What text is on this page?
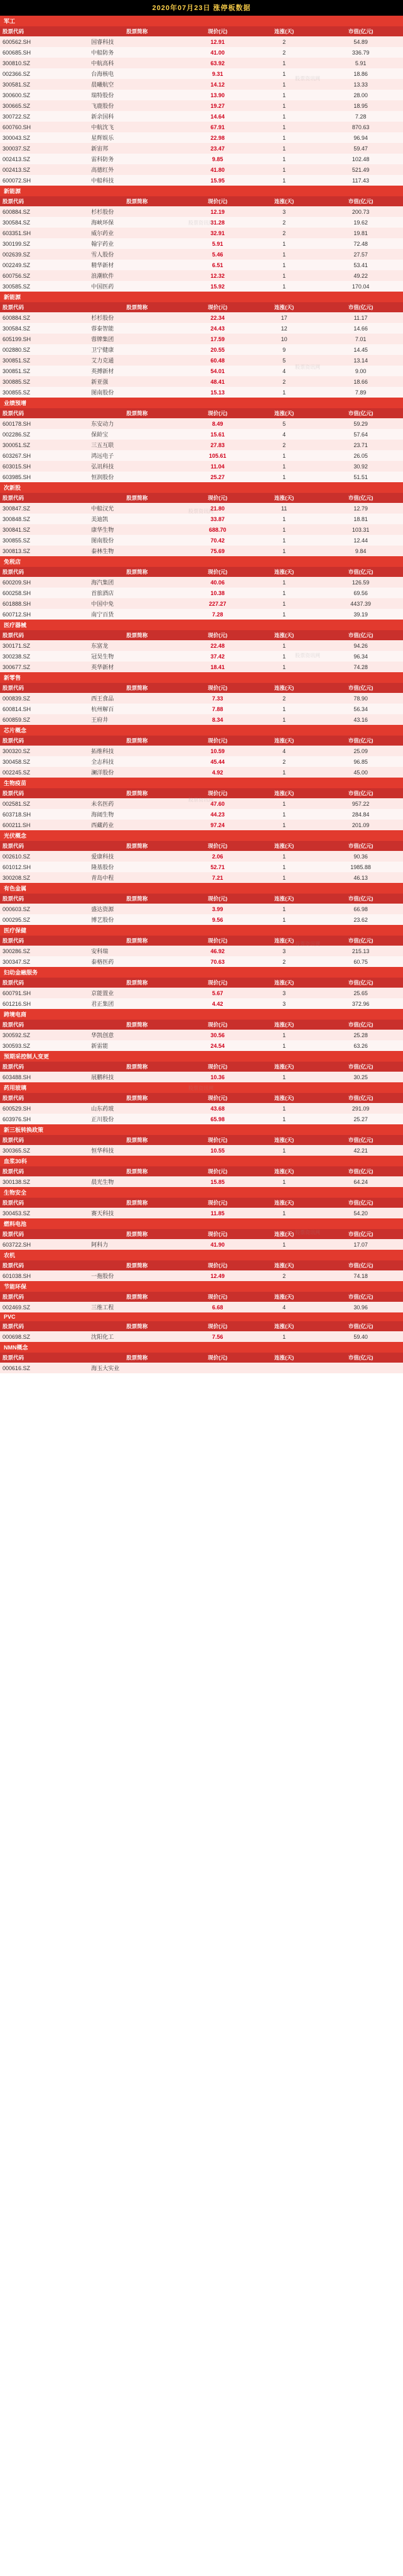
2020年07月23日 涨停板数据
军工
股票代码	股票简称	现价(元)	连涨(天)	市值(亿元)
600562.SH	国睿科技	12.91	2	54.89
600685.SH	中船防务	41.00	2	336.79
300810.SZ	中航高科	63.92	1	5.91
002366.SZ	台海核电	9.31	1	18.86
300581.SZ	晨曦航空	14.12	1	13.33
300600.SZ	瑞特股份	13.90	1	28.00
300665.SZ	飞鹿股份	19.27	1	18.95
300722.SZ	新余国科	14.64	1	7.28
600760.SH	中航沈飞	67.91	1	870.63
300043.SZ	星辉娱乐	22.98	1	96.94
300037.SZ	新宙邦	23.47	1	59.47
002413.SZ	雷科防务	9.85	1	102.48
002413.SZ	高德红外	41.80	1	521.49
600072.SH	中船科技	15.95	1	117.43
新能源
股票代码	股票简称	现价(元)	连涨(天)	市值(亿元)
600884.SZ	杉杉股份	12.19	3	200.73
300584.SZ	海峡环保	31.28	2	19.62
603351.SH	威尔药业	32.91	2	19.81
300199.SZ	翰宇药业	5.91	1	72.48
002639.SZ	雪人股份	5.46	1	27.57
002249.SZ	精华新材	6.51	1	53.41
600756.SZ	浪潮软件	12.32	1	49.22
300585.SZ	中国医药	15.92	1	170.04
新能源
股票代码	股票简称	现价(元)	连涨(天)	市值(亿元)
600884.SZ	杉杉股份	22.34	17	11.17
300584.SZ	蓉泰智能	24.43	12	14.66
605199.SH	蓉牌集团	17.59	10	7.01
002880.SZ	卫宁健康	20.55	9	14.45
300851.SZ	艾力克通	60.48	5	13.14
300851.SZ	英搏新材	54.01	4	9.00
300885.SZ	新亚强	48.41	2	18.66
300855.SZ	图南股份	15.13	1	7.89
业绩预增
股票代码	股票简称	现价(元)	连涨(天)	市值(亿元)
600178.SH	东安动力	8.49	5	59.29
002286.SZ	保龄宝	15.61	4	57.64
300051.SZ	三五互联	27.83	2	23.71
603267.SH	鸿远电子	105.61	1	26.05
603015.SH	弘讯科技	11.04	1	30.92
603985.SH	恒润股份	25.27	1	51.51
次新股
股票代码	股票简称	现价(元)	连涨(天)	市值(亿元)
300847.SZ	中船汉光	21.80	11	12.79
300848.SZ	美迪凯	33.87	1	18.81
300841.SZ	康华生物	688.70	1	103.31
300855.SZ	图南股份	70.42	1	12.44
300813.SZ	泰林生物	75.69	1	9.84
免税店
股票代码	股票简称	现价(元)	连涨(天)	市值(亿元)
600209.SH	海汽集团	40.06	1	126.59
600258.SH	首旅酒店	10.38	1	69.56
601888.SH	中国中免	227.27	1	4437.39
600712.SH	南宁百货	7.28	1	39.19
医疗器械
股票代码	股票简称	现价(元)	连涨(天)	市值(亿元)
300171.SZ	东富龙	22.48	1	94.26
300238.SZ	冠昊生物	37.42	1	96.34
300677.SZ	英华新材	18.41	1	74.28
新零售
股票代码	股票简称	现价(元)	连涨(天)	市值(亿元)
000839.SZ	西王食品	7.33	2	78.90
600814.SH	杭州解百	7.88	1	56.34
600859.SZ	王府井	8.34	1	43.16
芯片概念
股票代码	股票简称	现价(元)	连涨(天)	市值(亿元)
300320.SZ	拓维科技	10.59	4	25.09
300458.SZ	全志科技	45.44	2	96.85
002245.SZ	澜洋股份	4.92	1	45.00
生物疫苗
股票代码	股票简称	现价(元)	连涨(天)	市值(亿元)
002581.SZ	未名医药	47.60	1	957.22
603718.SH	海阔生物	44.23	1	284.84
600211.SH	西藏药业	97.24	1	201.09
光伏概念
股票代码	股票简称	现价(元)	连涨(天)	市值(亿元)
002610.SZ	爱康科技	2.06	1	90.36
601012.SH	隆基股份	52.71	1	1985.88
300208.SZ	青岛中程	7.21	1	46.13
有色金属
股票代码	股票简称	现价(元)	连涨(天)	市值(亿元)
000603.SZ	盛达资源	3.99	1	66.98
000295.SZ	博艺股份	9.56	1	23.62
医疗保健
股票代码	股票简称	现价(元)	连涨(天)	市值(亿元)
300286.SZ	安科瑞	46.92	3	215.13
300347.SZ	泰格医药	70.63	2	60.75
妇幼金融服务
股票代码	股票简称	现价(元)	连涨(天)	市值(亿元)
600791.SH	京能置业	5.67	3	25.65
601216.SH	君正集团	4.42	3	372.96
跨境电商
股票代码	股票简称	现价(元)	连涨(天)	市值(亿元)
300592.SZ	华凯创意	30.56	1	25.28
300593.SZ	新雷能	24.54	1	63.26
预期采控制人变更
股票代码	股票简称	现价(元)	连涨(天)	市值(亿元)
603488.SH	展鹏科技	10.36	1	30.25
药用玻璃
股票代码	股票简称	现价(元)	连涨(天)	市值(亿元)
600529.SH	山东药玻	43.68	1	291.09
603976.SH	正川股份	65.98	1	25.27
新三板转换政策
股票代码	股票简称	现价(元)	连涨(天)	市值(亿元)
300365.SZ	恒华科技	10.55	1	42.21
血浆30科
股票代码	股票简称	现价(元)	连涨(天)	市值(亿元)
300138.SZ	晨光生物	15.85	1	64.24
生物安全
股票代码	股票简称	现价(元)	连涨(天)	市值(亿元)
300453.SZ	赛天科技	11.85	1	54.20
燃料电池
股票代码	股票简称	现价(元)	连涨(天)	市值(亿元)
603722.SH	阿科力	41.90	1	17.07
农机
股票代码	股票简称	现价(元)	连涨(天)	市值(亿元)
601038.SH	一拖股份	12.49	2	74.18
节能环保
股票代码	股票简称	现价(元)	连涨(天)	市值(亿元)
002469.SZ	三维工程	6.68	4	30.96
PVC
股票代码	股票简称	现价(元)	连涨(天)	市值(亿元)
000698.SZ	沈阳化工	7.56	1	59.40
NMN概念
股票代码	股票简称	现价(元)	连涨(天)	市值(亿元)
000616.SZ	海玉大实业			
股票资讯网
股票资讯网
股票资讯网
股票资讯网
股票资讯网
股票资讯网
股票资讯网
股票资讯网
股票资讯网
